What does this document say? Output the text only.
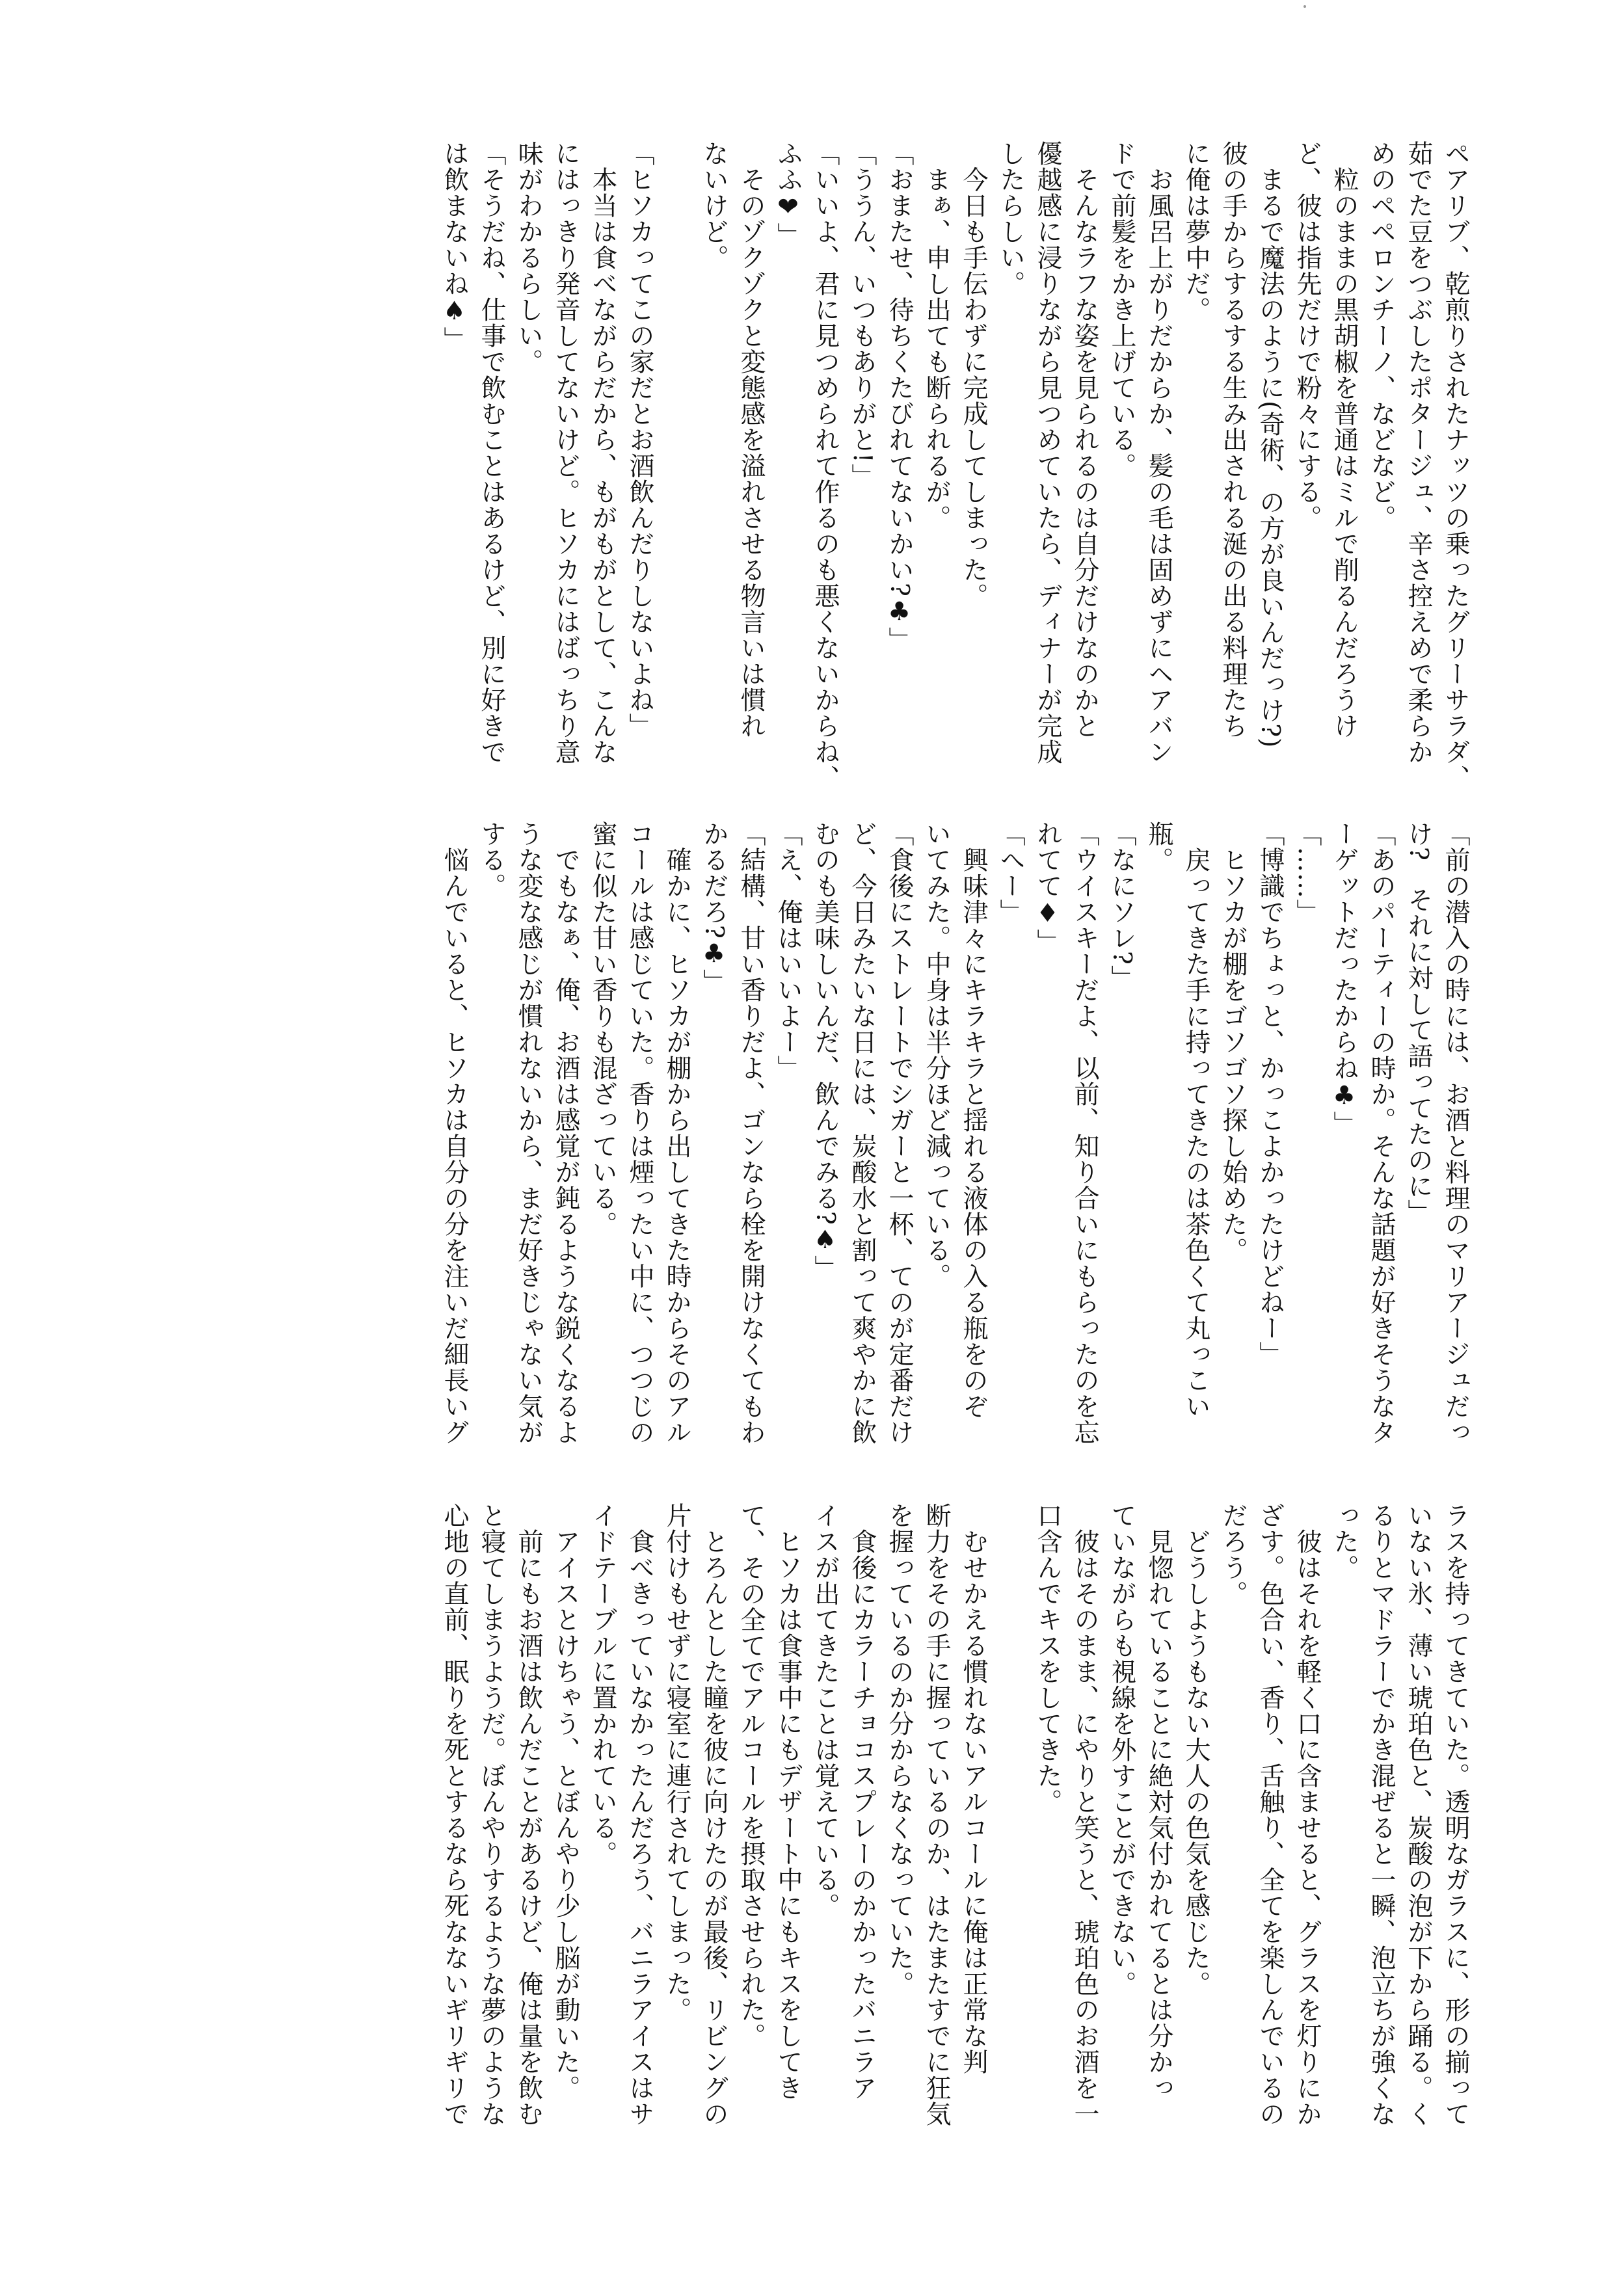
ペアリブ、乾煎りされたナッツの乗ったグリーサラダ、

茹でた豆をつぶしたポタージュ、辛さ控えめで柔らか

めのペペロンチーノ、などなど。

　粒のままの黒胡椒を普通はミルで削るんだろうけ

ど、彼は指先だけで粉々にする。

　まるで魔法のように(奇術、の方が良いんだっけ?)

彼の手からするする生み出される涎の出る料理たち

に俺は夢中だ。

　お風呂上がりだからか、髪の毛は固めずにヘアバン

ドで前髪をかき上げている。

　そんなラフな姿を見られるのは自分だけなのかと

優越感に浸りながら見つめていたら、ディナーが完成

したらしい。

　今日も手伝わずに完成してしまった。

　まぁ、申し出ても断られるが。

「おまたせ、待ちくたびれてないかい?♣」

「ううん、いつもありがと!」

「いいよ、君に見つめられて作るのも悪くないからね、

ふふ❤」

　そのゾクゾクと変態感を溢れさせる物言いは慣れ

ないけど。

「ヒソカってこの家だとお酒飲んだりしないよね」

　本当は食べながらだから、もがもがとして、こんな

にはっきり発音してないけど。ヒソカにはばっちり意

味がわかるらしい。

「そうだね、仕事で飲むことはあるけど、別に好きで

は飲まないね♠」

「前の潜入の時には、お酒と料理のマリアージュだっ

け?　それに対して語ってたのに」

「あのパーティーの時か。そんな話題が好きそうなタ

ーゲットだったからね♣」

「……」

「博識でちょっと、かっこよかったけどねー」

　ヒソカが棚をゴソゴソ探し始めた。

　戻ってきた手に持ってきたのは茶色くて丸っこい

瓶。

「なにソレ?」

「ウイスキーだよ、以前、知り合いにもらったのを忘

れてて♦」

「へー」

　興味津々にキラキラと揺れる液体の入る瓶をのぞ

いてみた。中身は半分ほど減っている。

「食後にストレートでシガーと一杯、てのが定番だけ

ど、今日みたいな日には、炭酸水と割って爽やかに飲

むのも美味しいんだ、飲んでみる?♠」

「え、俺はいいよー」

「結構、甘い香りだよ、ゴンなら栓を開けなくてもわ

かるだろ?♣」

　確かに、ヒソカが棚から出してきた時からそのアル

コールは感じていた。香りは煙ったい中に、つつじの

蜜に似た甘い香りも混ざっている。

　でもなぁ、俺、お酒は感覚が鈍るような鋭くなるよ

うな変な感じが慣れないから、まだ好きじゃない気が

する。

　悩んでいると、ヒソカは自分の分を注いだ細長いグ

ラスを持ってきていた。透明なガラスに、形の揃って

いない氷、薄い琥珀色と、炭酸の泡が下から踊る。く

るりとマドラーでかき混ぜると一瞬、泡立ちが強くな

った。

　彼はそれを軽く口に含ませると、グラスを灯りにか

ざす。色合い、香り、舌触り、全てを楽しんでいるの

だろう。

　どうしようもない大人の色気を感じた。

　見惚れていることに絶対気付かれてるとは分かっ

ていながらも視線を外すことができない。

　彼はそのまま、にやりと笑うと、琥珀色のお酒を一

口含んでキスをしてきた。

　むせかえる慣れないアルコールに俺は正常な判

断力をその手に握っているのか、はたまたすでに狂気

を握っているのか分からなくなっていた。

　食後にカラーチョコスプレーのかかったバニラア

イスが出てきたことは覚えている。

　ヒソカは食事中にもデザート中にもキスをしてき

て、その全てでアルコールを摂取させられた。

　とろんとした瞳を彼に向けたのが最後、リビングの

片付けもせずに寝室に連行されてしまった。

　食べきっていなかったんだろう、バニラアイスはサ

イドテーブルに置かれている。

　アイスとけちゃう、とぼんやり少し脳が動いた。

　前にもお酒は飲んだことがあるけど、俺は量を飲む

と寝てしまうようだ。ぼんやりするような夢のような

心地の直前、眠りを死とするなら死なないギリギリで
